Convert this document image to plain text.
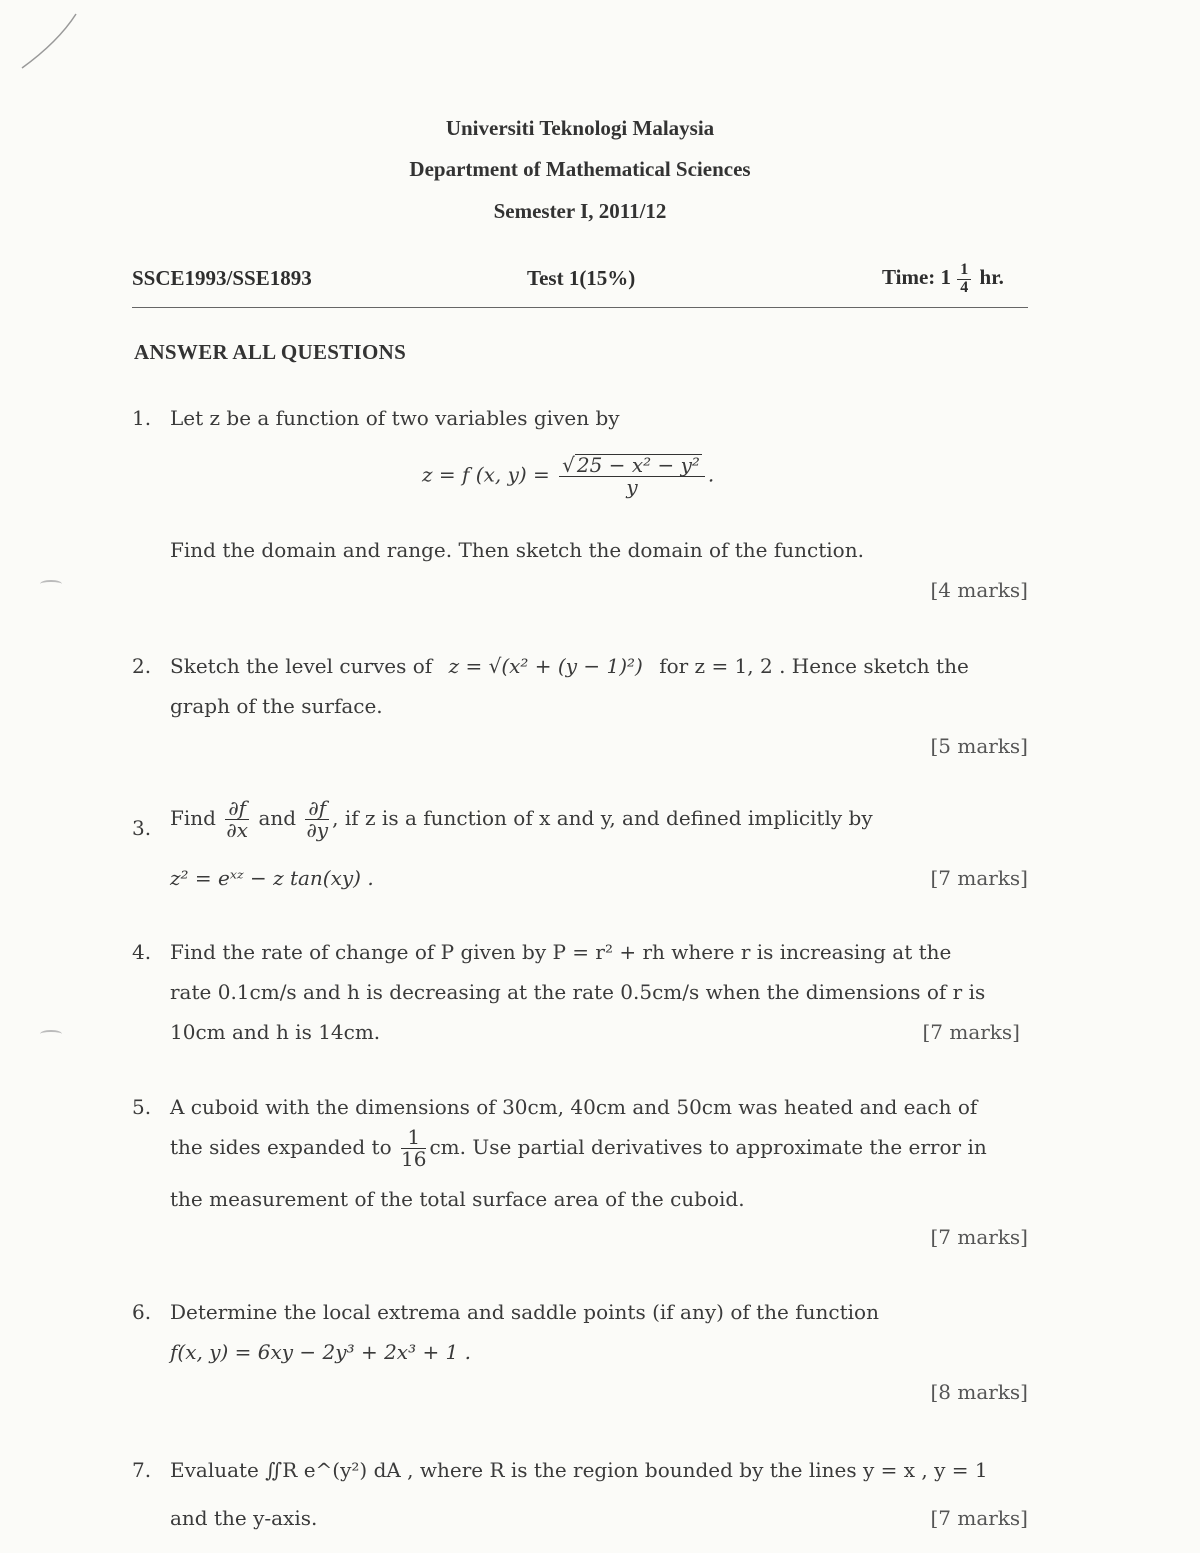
Universiti Teknologi Malaysia
Department of Mathematical Sciences
Semester I, 2011/12
SSCE1993/SSE1893	Test 1(15%)	Time: $1 \frac{1}{4}$ hr.
ANSWER ALL QUESTIONS
1. Let z be a function of two variables given by
z = f (x, $y) = \frac{\text{√ 25 − x² − y²}}{y}$ .
Find the domain and range. Then sketch the domain of the function.
[4 marks]
2. Sketch the level curves of z = √(x² + (y − 1)²) for z = 1, 2 . Hence sketch the
graph of the surface.
[5 marks]
3. Find $\frac{\partial f}{\partial x}$ and $\frac{\partial f}{\partial y}$ , if z is a function of x and y, and defined implicitly by
z² = eˣᶻ − z tan(xy) .	[7 marks]
4. Find the rate of change of P given by P = r² + rh where r is increasing at the
rate 0.1cm/s and h is decreasing at the rate 0.5cm/s when the dimensions of r is
10cm and h is 14cm.	[7 marks]
5. A cuboid with the dimensions of 30cm, 40cm and 50cm was heated and each of
the sides expanded to $\frac{1}{16}$ cm. Use partial derivatives to approximate the error in
the measurement of the total surface area of the cuboid.
[7 marks]
6. Determine the local extrema and saddle points (if any) of the function
f(x, y) = 6xy − 2y³ + 2x³ + 1 .
[8 marks]
7. Evaluate ∬R e^(y²) dA , where R is the region bounded by the lines y = x , y = 1
and the y-axis.	[7 marks]
